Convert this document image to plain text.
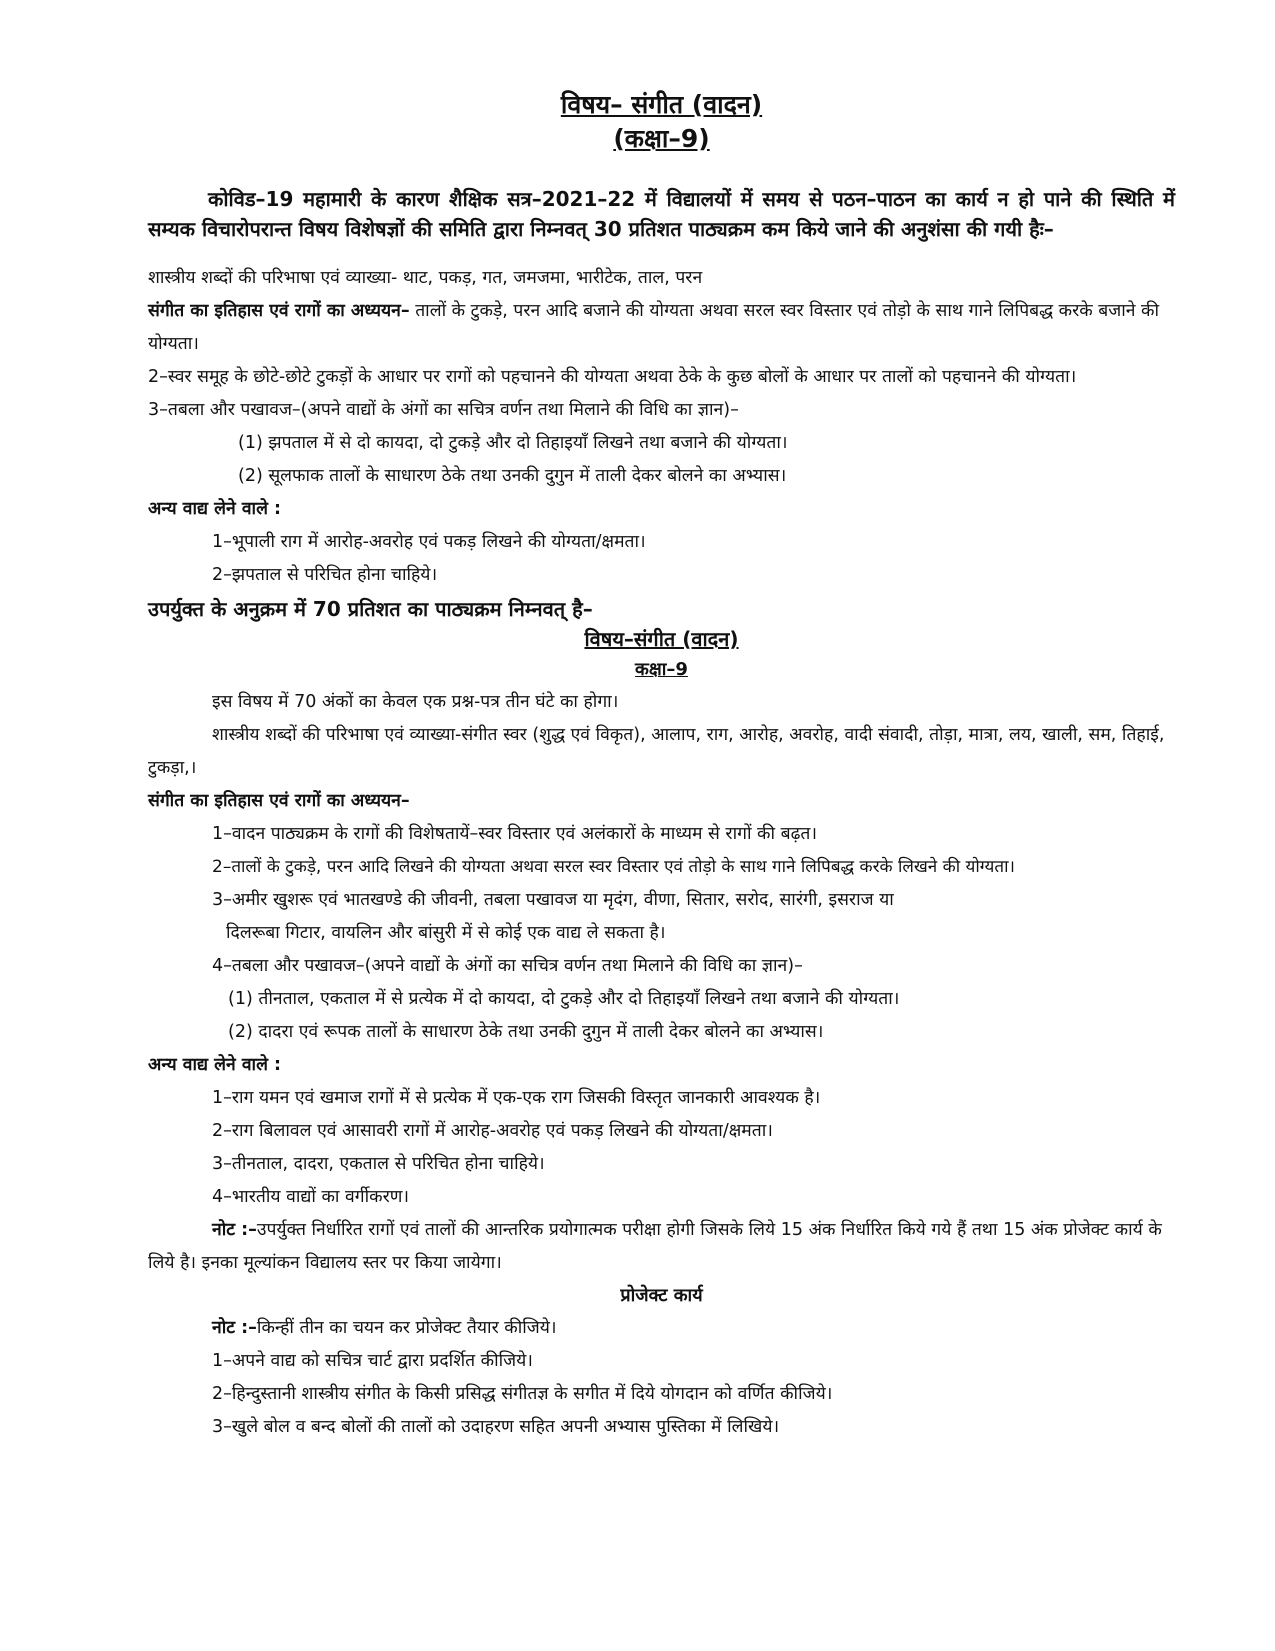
विषय– संगीत (वादन)
(कक्षा–9)

कोविड–19 महामारी के कारण शैक्षिक सत्र–2021–22 में विद्यालयों में समय से पठन–पाठन का कार्य न हो पाने की स्थिति में सम्यक विचारोपरान्त विषय विशेषज्ञों की समिति द्वारा निम्नवत् 30 प्रतिशत पाठ्यक्रम कम किये जाने की अनुशंसा की गयी हैः–

शास्त्रीय शब्दों की परिभाषा एवं व्याख्या- थाट, पकड़, गत, जमजमा, भारीटेक, ताल, परन

संगीत का इतिहास एवं रागों का अध्ययन– तालों के टुकड़े, परन आदि बजाने की योग्यता अथवा सरल स्वर विस्तार एवं तोड़ो के साथ गाने लिपिबद्ध करके बजाने की योग्यता।

2–स्वर समूह के छोटे-छोटे टुकड़ों के आधार पर रागों को पहचानने की योग्यता अथवा ठेके के कुछ बोलों के आधार पर तालों को पहचानने की योग्यता।

3–तबला और पखावज–(अपने वाद्यों के अंगों का सचित्र वर्णन तथा मिलाने की विधि का ज्ञान)–

(1) झपताल में से दो कायदा, दो टुकड़े और दो तिहाइयाँ लिखने तथा बजाने की योग्यता।

(2) सूलफाक तालों के साधारण ठेके तथा उनकी दुगुन में ताली देकर बोलने का अभ्यास।

अन्य वाद्य लेने वाले :

1–भूपाली राग में आरोह-अवरोह एवं पकड़ लिखने की योग्यता/क्षमता।

2–झपताल से परिचित होना चाहिये।

उपर्युक्त के अनुक्रम में 70 प्रतिशत का पाठ्यक्रम निम्नवत् है–

विषय–संगीत (वादन)
कक्षा–9

इस विषय में 70 अंकों का केवल एक प्रश्न-पत्र तीन घंटे का होगा।

शास्त्रीय शब्दों की परिभाषा एवं व्याख्या-संगीत स्वर (शुद्ध एवं विकृत), आलाप, राग, आरोह, अवरोह, वादी संवादी, तोड़ा, मात्रा, लय, खाली, सम, तिहाई, टुकड़ा,।

संगीत का इतिहास एवं रागों का अध्ययन–

1–वादन पाठ्यक्रम के रागों की विशेषतायें–स्वर विस्तार एवं अलंकारों के माध्यम से रागों की बढ़त।

2–तालों के टुकड़े, परन आदि लिखने की योग्यता अथवा सरल स्वर विस्तार एवं तोड़ो के साथ गाने लिपिबद्ध करके लिखने की योग्यता।

3–अमीर खुशरू एवं भातखण्डे की जीवनी, तबला पखावज या मृदंग, वीणा, सितार, सरोद, सारंगी, इसराज या

दिलरूबा गिटार, वायलिन और बांसुरी में से कोई एक वाद्य ले सकता है।

4–तबला और पखावज–(अपने वाद्यों के अंगों का सचित्र वर्णन तथा मिलाने की विधि का ज्ञान)–

(1) तीनताल, एकताल में से प्रत्येक में दो कायदा, दो टुकड़े और दो तिहाइयाँ लिखने तथा बजाने की योग्यता।

(2) दादरा एवं रूपक तालों के साधारण ठेके तथा उनकी दुगुन में ताली देकर बोलने का अभ्यास।

अन्य वाद्य लेने वाले :

1–राग यमन एवं खमाज रागों में से प्रत्येक में एक-एक राग जिसकी विस्तृत जानकारी आवश्यक है।

2–राग बिलावल एवं आसावरी रागों में आरोह-अवरोह एवं पकड़ लिखने की योग्यता/क्षमता।

3–तीनताल, दादरा, एकताल से परिचित होना चाहिये।

4–भारतीय वाद्यों का वर्गीकरण।

नोट :–उपर्युक्त निर्धारित रागों एवं तालों की आन्तरिक प्रयोगात्मक परीक्षा होगी जिसके लिये 15 अंक निर्धारित किये गये हैं तथा 15 अंक प्रोजेक्ट कार्य के लिये है। इनका मूल्यांकन विद्यालय स्तर पर किया जायेगा।

प्रोजेक्ट कार्य

नोट :–किन्हीं तीन का चयन कर प्रोजेक्ट तैयार कीजिये।

1–अपने वाद्य को सचित्र चार्ट द्वारा प्रदर्शित कीजिये।

2–हिन्दुस्तानी शास्त्रीय संगीत के किसी प्रसिद्ध संगीतज्ञ के सगीत में दिये योगदान को वर्णित कीजिये।

3–खुले बोल व बन्द बोलों की तालों को उदाहरण सहित अपनी अभ्यास पुस्तिका में लिखिये।
